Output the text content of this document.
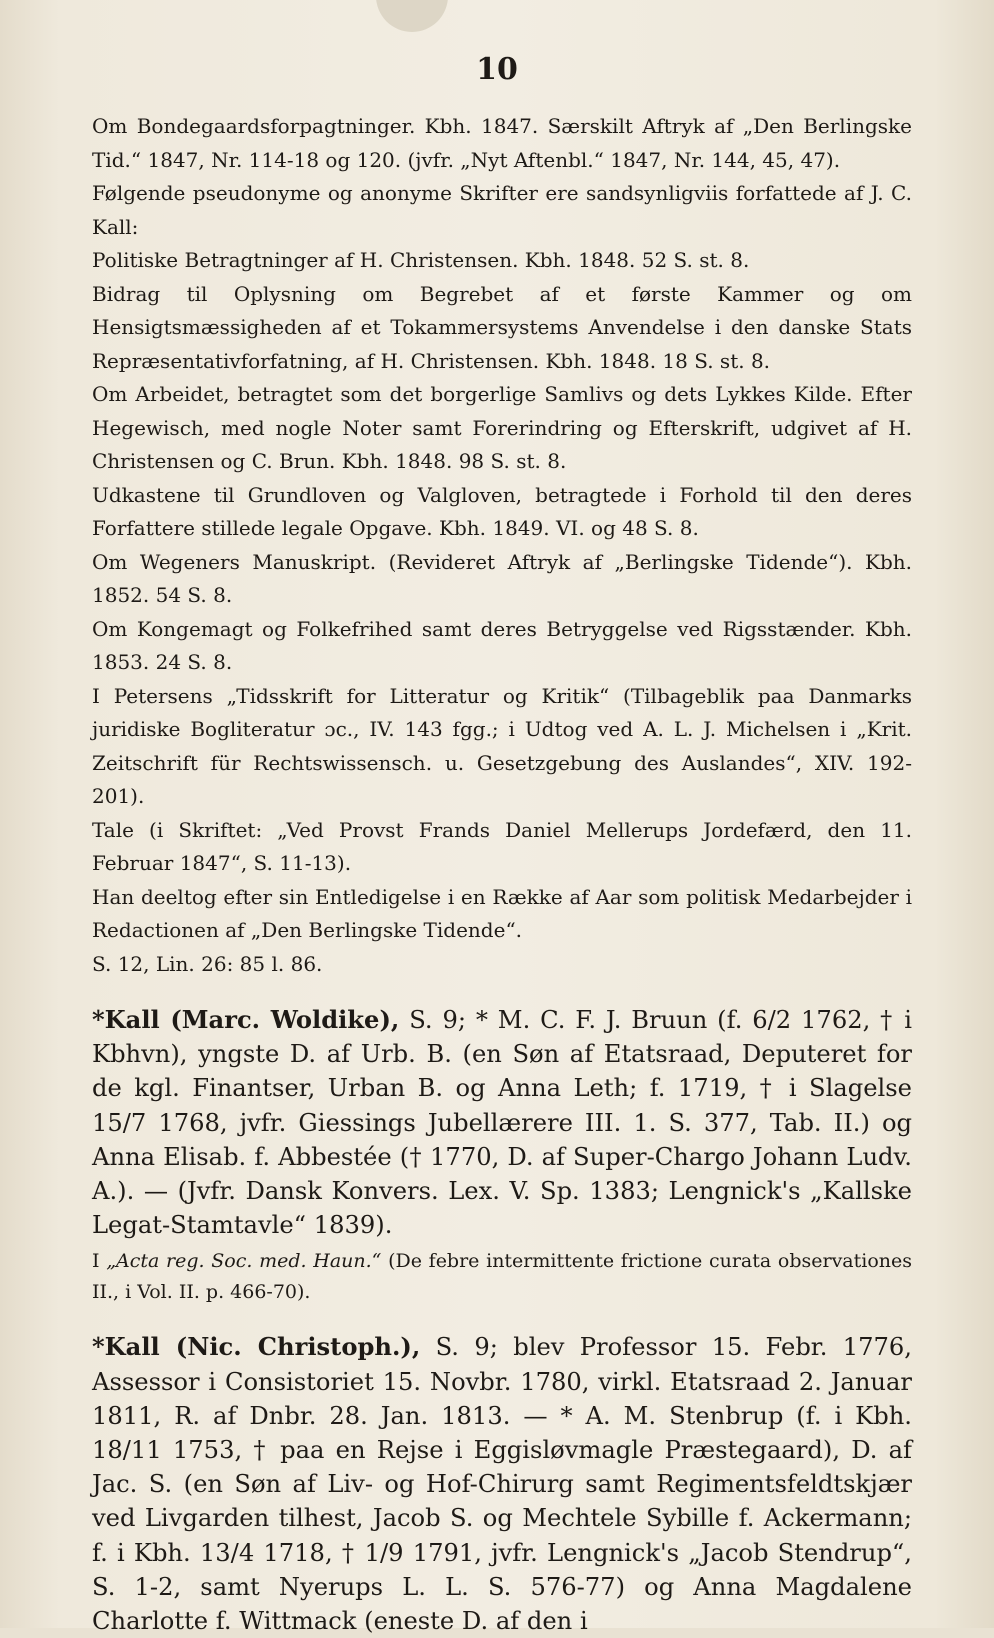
10

Om Bondegaardsforpagtninger. Kbh. 1847. Særskilt Aftryk af „Den Berlingske Tid.“ 1847, Nr. 114-18 og 120. (jvfr. „Nyt Aftenbl.“ 1847, Nr. 144, 45, 47).

Følgende pseudonyme og anonyme Skrifter ere sandsynligviis forfattede af J. C. Kall:

Politiske Betragtninger af H. Christensen. Kbh. 1848. 52 S. st. 8.

Bidrag til Oplysning om Begrebet af et første Kammer og om Hensigtsmæssigheden af et Tokammersystems Anvendelse i den danske Stats Repræsentativforfatning, af H. Christensen. Kbh. 1848. 18 S. st. 8.

Om Arbeidet, betragtet som det borgerlige Samlivs og dets Lykkes Kilde. Efter Hegewisch, med nogle Noter samt Forerindring og Efterskrift, udgivet af H. Christensen og C. Brun. Kbh. 1848. 98 S. st. 8.

Udkastene til Grundloven og Valgloven, betragtede i Forhold til den deres Forfattere stillede legale Opgave. Kbh. 1849. VI. og 48 S. 8.

Om Wegeners Manuskript. (Revideret Aftryk af „Berlingske Tidende“). Kbh. 1852. 54 S. 8.

Om Kongemagt og Folkefrihed samt deres Betryggelse ved Rigsstænder. Kbh. 1853. 24 S. 8.

I Petersens „Tidsskrift for Litteratur og Kritik“ (Tilbageblik paa Danmarks juridiske Bogliteratur ɔc., IV. 143 fgg.; i Udtog ved A. L. J. Michelsen i „Krit. Zeitschrift für Rechtswissensch. u. Gesetzgebung des Auslandes“, XIV. 192-201).

Tale (i Skriftet: „Ved Provst Frands Daniel Mellerups Jordefærd, den 11. Februar 1847“, S. 11-13).

Han deeltog efter sin Entledigelse i en Række af Aar som politisk Medarbejder i Redactionen af „Den Berlingske Tidende“.

S. 12, Lin. 26: 85 l. 86.

*Kall (Marc. Woldike), S. 9; * M. C. F. J. Bruun (f. 6/2 1762, † i Kbhvn), yngste D. af Urb. B. (en Søn af Etatsraad, Deputeret for de kgl. Finantser, Urban B. og Anna Leth; f. 1719, † i Slagelse 15/7 1768, jvfr. Giessings Jubellærere III. 1. S. 377, Tab. II.) og Anna Elisab. f. Abbestée († 1770, D. af Super-Chargo Johann Ludv. A.). — (Jvfr. Dansk Konvers. Lex. V. Sp. 1383; Lengnick's „Kallske Legat-Stamtavle“ 1839).

I „Acta reg. Soc. med. Haun.“ (De febre intermittente frictione curata observationes II., i Vol. II. p. 466-70).

*Kall (Nic. Christoph.), S. 9; blev Professor 15. Febr. 1776, Assessor i Consistoriet 15. Novbr. 1780, virkl. Etatsraad 2. Januar 1811, R. af Dnbr. 28. Jan. 1813. — * A. M. Stenbrup (f. i Kbh. 18/11 1753, † paa en Rejse i Eggisløvmagle Præstegaard), D. af Jac. S. (en Søn af Liv- og Hof-Chirurg samt Regimentsfeldtskjær ved Livgarden tilhest, Jacob S. og Mechtele Sybille f. Ackermann; f. i Kbh. 13/4 1718, † 1/9 1791, jvfr. Lengnick's „Jacob Stendrup“, S. 1-2, samt Nyerups L. L. S. 576-77) og Anna Magdalene Charlotte f. Wittmack (eneste D. af den i
